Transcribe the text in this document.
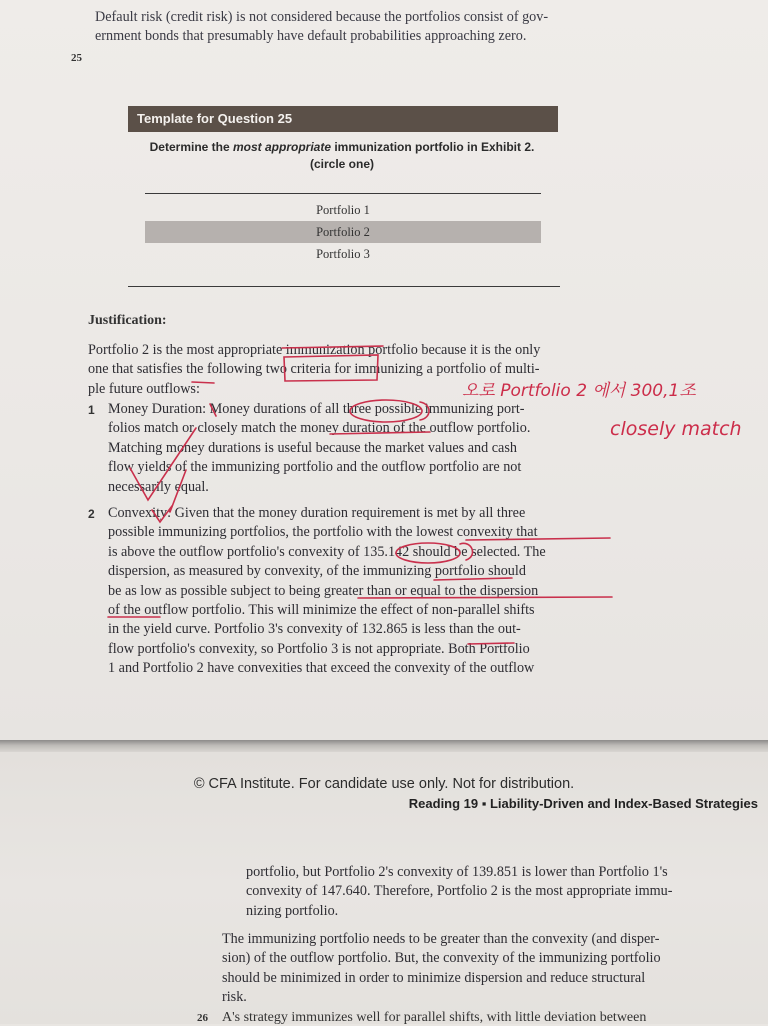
Default risk (credit risk) is not considered because the portfolios consist of gov-
ernment bonds that presumably have default probabilities approaching zero.
25
Template for Question 25
Determine the most appropriate immunization portfolio in Exhibit 2.
(circle one)
Portfolio 1
Portfolio 2
Portfolio 3
Justification:
Portfolio 2 is the most appropriate immunization portfolio because it is the only
one that satisfies the following two criteria for immunizing a portfolio of multi-
ple future outflows:
1 Money Duration: Money durations of all three possible immunizing port-
folios match or closely match the money duration of the outflow portfolio.
Matching money durations is useful because the market values and cash
flow yields of the immunizing portfolio and the outflow portfolio are not
necessarily equal.
2 Convexity: Given that the money duration requirement is met by all three
possible immunizing portfolios, the portfolio with the lowest convexity that
is above the outflow portfolio's convexity of 135.142 should be selected. The
dispersion, as measured by convexity, of the immunizing portfolio should
be as low as possible subject to being greater than or equal to the dispersion
of the outflow portfolio. This will minimize the effect of non-parallel shifts
in the yield curve. Portfolio 3's convexity of 132.865 is less than the out-
flow portfolio's convexity, so Portfolio 3 is not appropriate. Both Portfolio
1 and Portfolio 2 have convexities that exceed the convexity of the outflow
오로 Portfolio 2 에서 300,1조
closely match
© CFA Institute. For candidate use only. Not for distribution.
Reading 19 ▪ Liability-Driven and Index-Based Strategies
portfolio, but Portfolio 2's convexity of 139.851 is lower than Portfolio 1's
convexity of 147.640. Therefore, Portfolio 2 is the most appropriate immu-
nizing portfolio.
The immunizing portfolio needs to be greater than the convexity (and disper-
sion) of the outflow portfolio. But, the convexity of the immunizing portfolio
should be minimized in order to minimize dispersion and reduce structural
risk.
26 A's strategy immunizes well for parallel shifts, with little deviation between
